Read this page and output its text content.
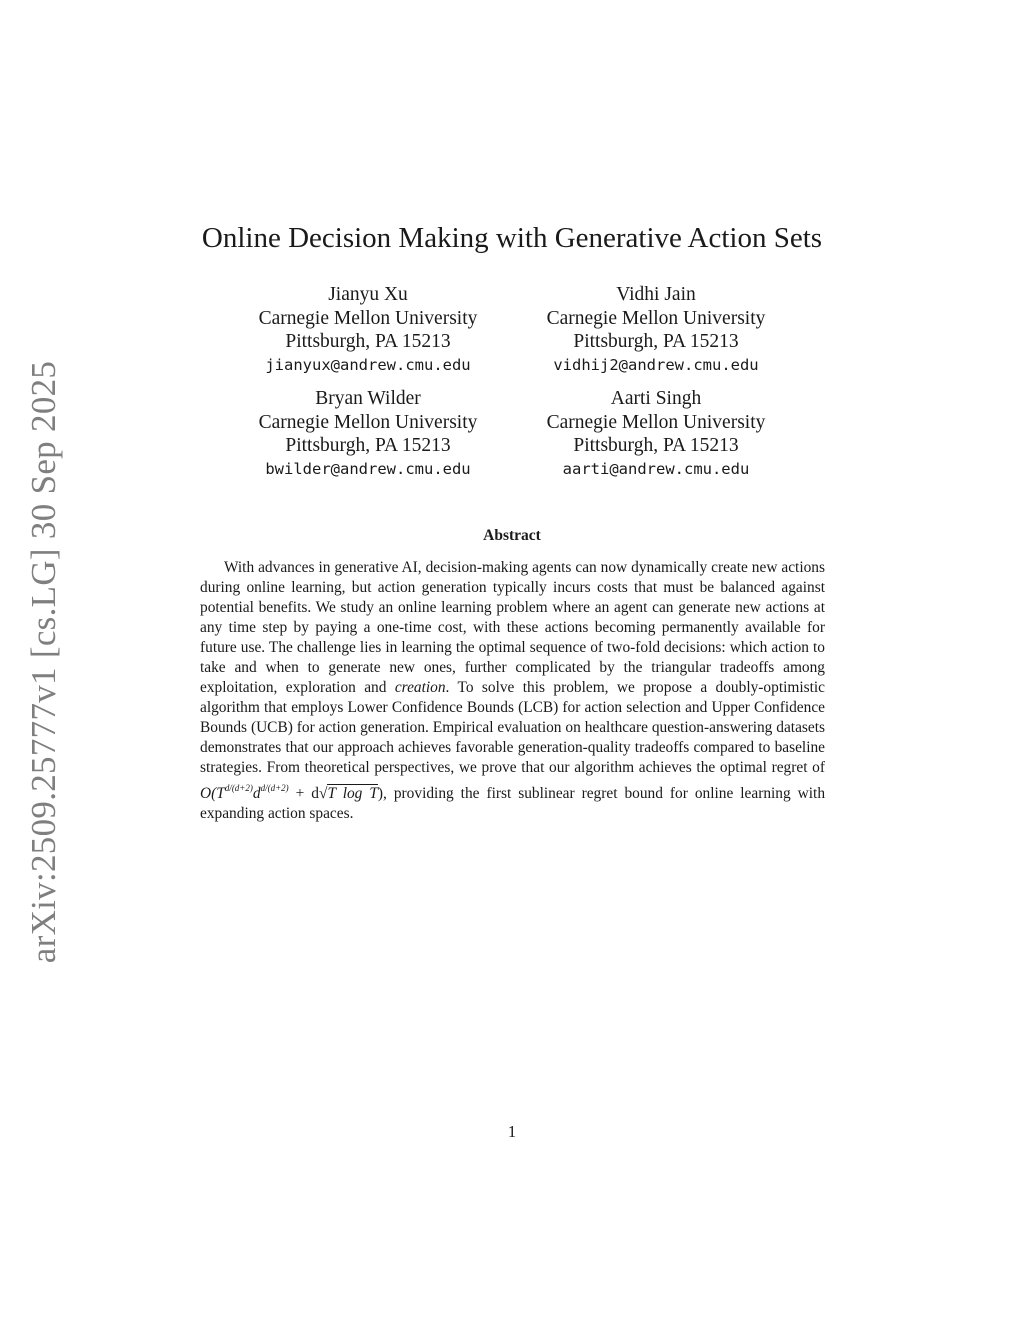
arXiv:2509.25777v1 [cs.LG] 30 Sep 2025
Online Decision Making with Generative Action Sets
Jianyu Xu
Carnegie Mellon University
Pittsburgh, PA 15213
jianyux@andrew.cmu.edu
Vidhi Jain
Carnegie Mellon University
Pittsburgh, PA 15213
vidhij2@andrew.cmu.edu
Bryan Wilder
Carnegie Mellon University
Pittsburgh, PA 15213
bwilder@andrew.cmu.edu
Aarti Singh
Carnegie Mellon University
Pittsburgh, PA 15213
aarti@andrew.cmu.edu
Abstract
With advances in generative AI, decision-making agents can now dynamically create new actions during online learning, but action generation typically incurs costs that must be balanced against potential benefits. We study an online learning problem where an agent can generate new actions at any time step by paying a one-time cost, with these actions becoming permanently available for future use. The challenge lies in learning the optimal sequence of two-fold decisions: which action to take and when to generate new ones, further complicated by the triangular tradeoffs among exploitation, exploration and creation. To solve this problem, we propose a doubly-optimistic algorithm that employs Lower Confidence Bounds (LCB) for action selection and Upper Confidence Bounds (UCB) for action generation. Empirical evaluation on healthcare question-answering datasets demonstrates that our approach achieves favorable generation-quality tradeoffs compared to baseline strategies. From theoretical perspectives, we prove that our algorithm achieves the optimal regret of $O(T^{d/(d+2)}d^{d/(d+2)} + d√T$ log T), providing the first sublinear regret bound for online learning with expanding action spaces.
1
